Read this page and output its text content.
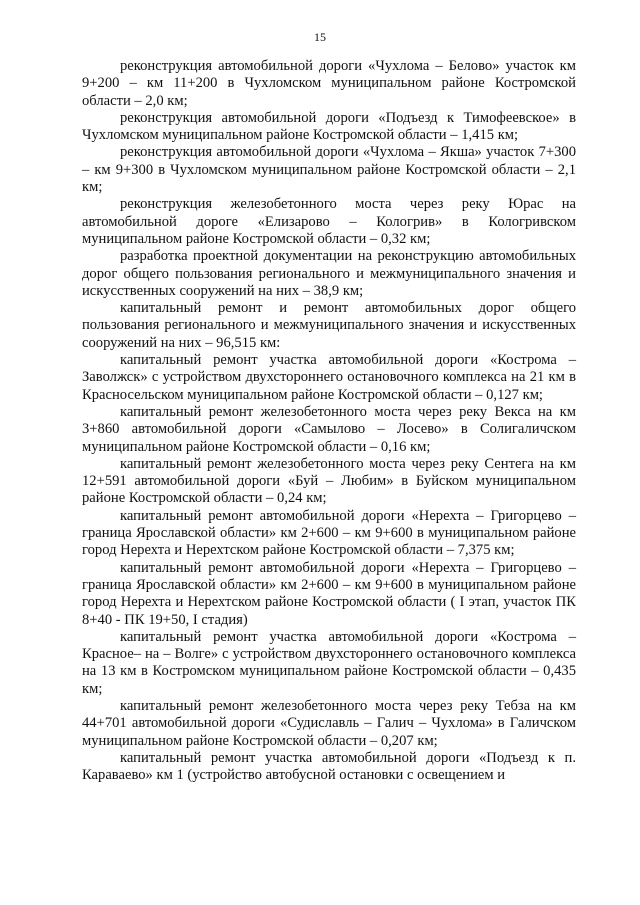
15

реконструкция автомобильной дороги «Чухлома – Белово» участок км 9+200 – км 11+200 в Чухломском муниципальном районе Костромской области – 2,0 км;

реконструкция автомобильной дороги «Подъезд к Тимофеевское» в Чухломском муниципальном районе Костромской области – 1,415 км;

реконструкция автомобильной дороги «Чухлома – Якша» участок 7+300 – км 9+300 в Чухломском муниципальном районе Костромской области – 2,1 км;

реконструкция железобетонного моста через реку Юрас на автомобильной дороге «Елизарово – Кологрив» в Кологривском муниципальном районе Костромской области – 0,32 км;

разработка проектной документации на реконструкцию автомобильных дорог общего пользования регионального и межмуниципального значения и искусственных сооружений на них – 38,9 км;

капитальный ремонт и ремонт автомобильных дорог общего пользования регионального и межмуниципального значения и искусственных сооружений на них – 96,515 км:

капитальный ремонт участка автомобильной дороги «Кострома –Заволжск» с устройством двухстороннего остановочного комплекса на 21 км в Красносельском муниципальном районе Костромской области – 0,127 км;

капитальный ремонт железобетонного моста через реку Векса на км 3+860 автомобильной дороги «Самылово – Лосево» в Солигаличском муниципальном районе Костромской области – 0,16 км;

капитальный ремонт железобетонного моста через реку Сентега на км 12+591 автомобильной дороги «Буй – Любим» в Буйском муниципальном районе Костромской области – 0,24 км;

капитальный ремонт автомобильной дороги «Нерехта – Григорцево – граница Ярославской области» км 2+600 – км 9+600 в муниципальном районе город Нерехта и Нерехтском районе Костромской области – 7,375 км;

капитальный ремонт автомобильной дороги «Нерехта – Григорцево – граница Ярославской области» км 2+600 – км 9+600 в муниципальном районе город Нерехта и Нерехтском районе Костромской области ( I этап, участок ПК 8+40 - ПК 19+50, I стадия)

капитальный ремонт участка автомобильной дороги «Кострома – Красное– на – Волге» с устройством двухстороннего остановочного комплекса на 13 км в Костромском муниципальном районе Костромской области – 0,435 км;

капитальный ремонт железобетонного моста через реку Тебза на км 44+701 автомобильной дороги «Судиславль – Галич – Чухлома» в Галичском муниципальном районе Костромской области – 0,207 км;

капитальный ремонт участка автомобильной дороги «Подъезд к п. Караваево» км 1 (устройство автобусной остановки с освещением и
